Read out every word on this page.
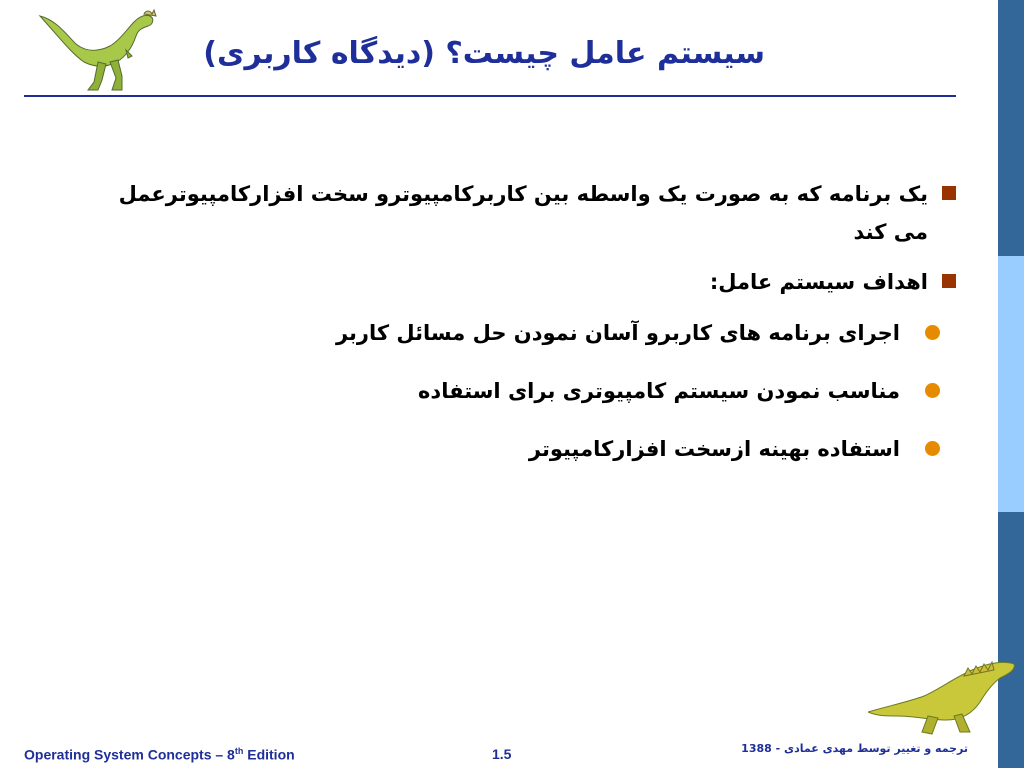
سیستم عامل چیست؟ (دیدگاه کاربری)
یک برنامه که به صورت یک واسطه بین کاربرکامپیوترو سخت افزارکامپیوترعمل می کند
اهداف سیستم عامل:
اجرای برنامه های کاربرو آسان نمودن حل مسائل کاربر
مناسب نمودن سیستم کامپیوتری برای استفاده
استفاده بهینه ازسخت افزارکامپیوتر
Operating System Concepts – 8th Edition	1.5	ترجمه و تغییر توسط مهدی عمادی - 1388
